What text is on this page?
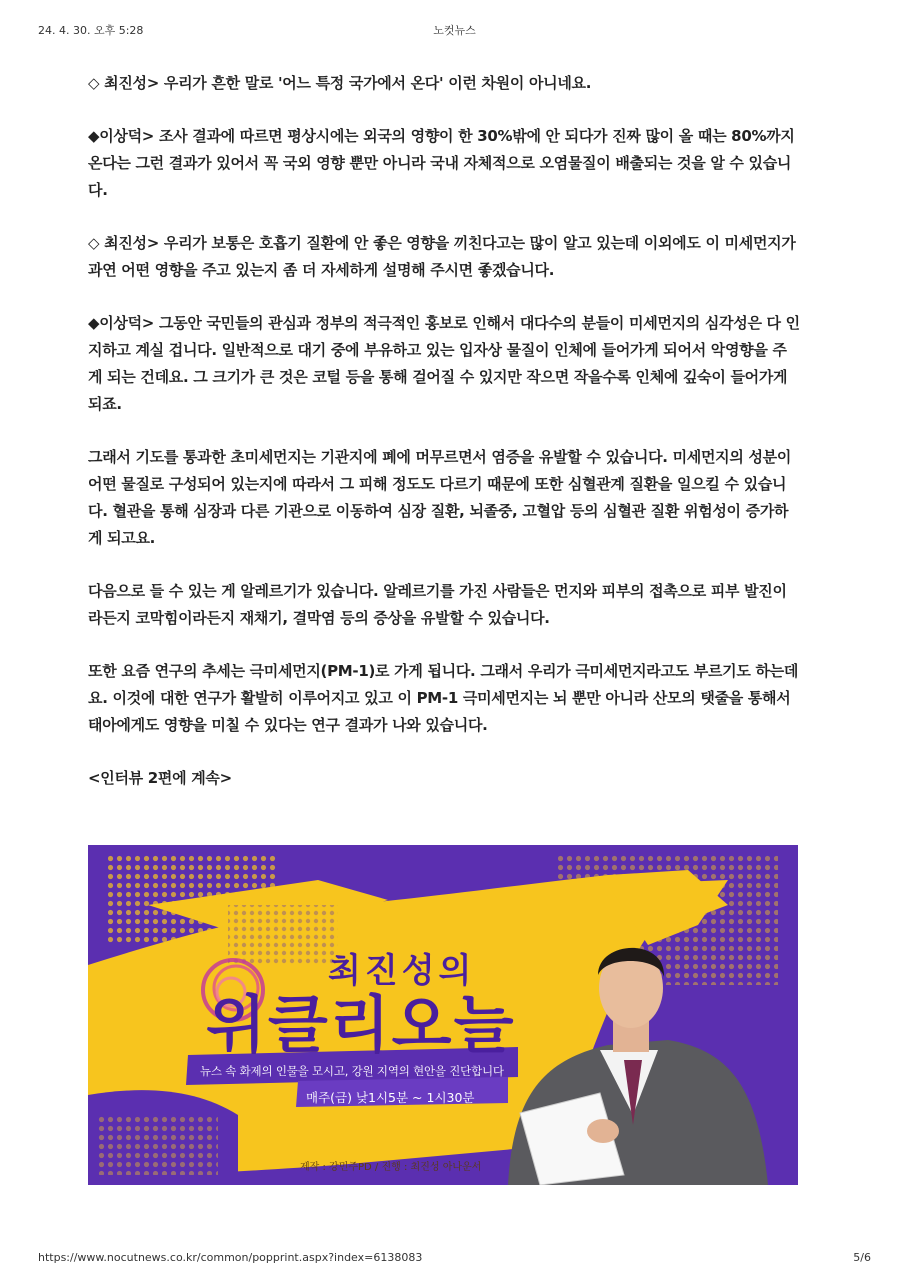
24. 4. 30. 오후 5:28	노컷뉴스

◇ 최진성> 우리가 흔한 말로 '어느 특정 국가에서 온다' 이런 차원이 아니네요.

◆이상덕> 조사 결과에 따르면 평상시에는 외국의 영향이 한 30%밖에 안 되다가 진짜 많이 올 때는 80%까지 온다는 그런 결과가 있어서 꼭 국외 영향 뿐만 아니라 국내 자체적으로 오염물질이 배출되는 것을 알 수 있습니다.

◇ 최진성> 우리가 보통은 호흡기 질환에 안 좋은 영향을 끼친다고는 많이 알고 있는데 이외에도 이 미세먼지가 과연 어떤 영향을 주고 있는지 좀 더 자세하게 설명해 주시면 좋겠습니다.

◆이상덕> 그동안 국민들의 관심과 정부의 적극적인 홍보로 인해서 대다수의 분들이 미세먼지의 심각성은 다 인지하고 계실 겁니다. 일반적으로 대기 중에 부유하고 있는 입자상 물질이 인체에 들어가게 되어서 악영향을 주게 되는 건데요. 그 크기가 큰 것은 코털 등을 통해 걸어질 수 있지만 작으면 작을수록 인체에 깊숙이 들어가게 되죠.

그래서 기도를 통과한 초미세먼지는 기관지에 폐에 머무르면서 염증을 유발할 수 있습니다. 미세먼지의 성분이 어떤 물질로 구성되어 있는지에 따라서 그 피해 정도도 다르기 때문에 또한 심혈관계 질환을 일으킬 수 있습니다. 혈관을 통해 심장과 다른 기관으로 이동하여 심장 질환, 뇌졸중, 고혈압 등의 심혈관 질환 위험성이 증가하게 되고요.

다음으로 들 수 있는 게 알레르기가 있습니다. 알레르기를 가진 사람들은 먼지와 피부의 접촉으로 피부 발진이라든지 코막힘이라든지 재채기, 결막염 등의 증상을 유발할 수 있습니다.

또한 요즘 연구의 추세는 극미세먼지(PM-1)로 가게 됩니다. 그래서 우리가 극미세먼지라고도 부르기도 하는데요. 이것에 대한 연구가 활발히 이루어지고 있고 이 PM-1 극미세먼지는 뇌 뿐만 아니라 산모의 탯줄을 통해서 태아에게도 영향을 미칠 수 있다는 연구 결과가 나와 있습니다.

<인터뷰 2편에 계속>

최진성의
위클리오늘
뉴스 속 화제의 인물을 모시고, 강원 지역의 현안을 진단합니다
매주(금) 낮1시5분 ~ 1시30분
제작 : 강민주PD / 진행 : 최진성 아나운서
https://www.nocutnews.co.kr/common/popprint.aspx?index=6138083	5/6
